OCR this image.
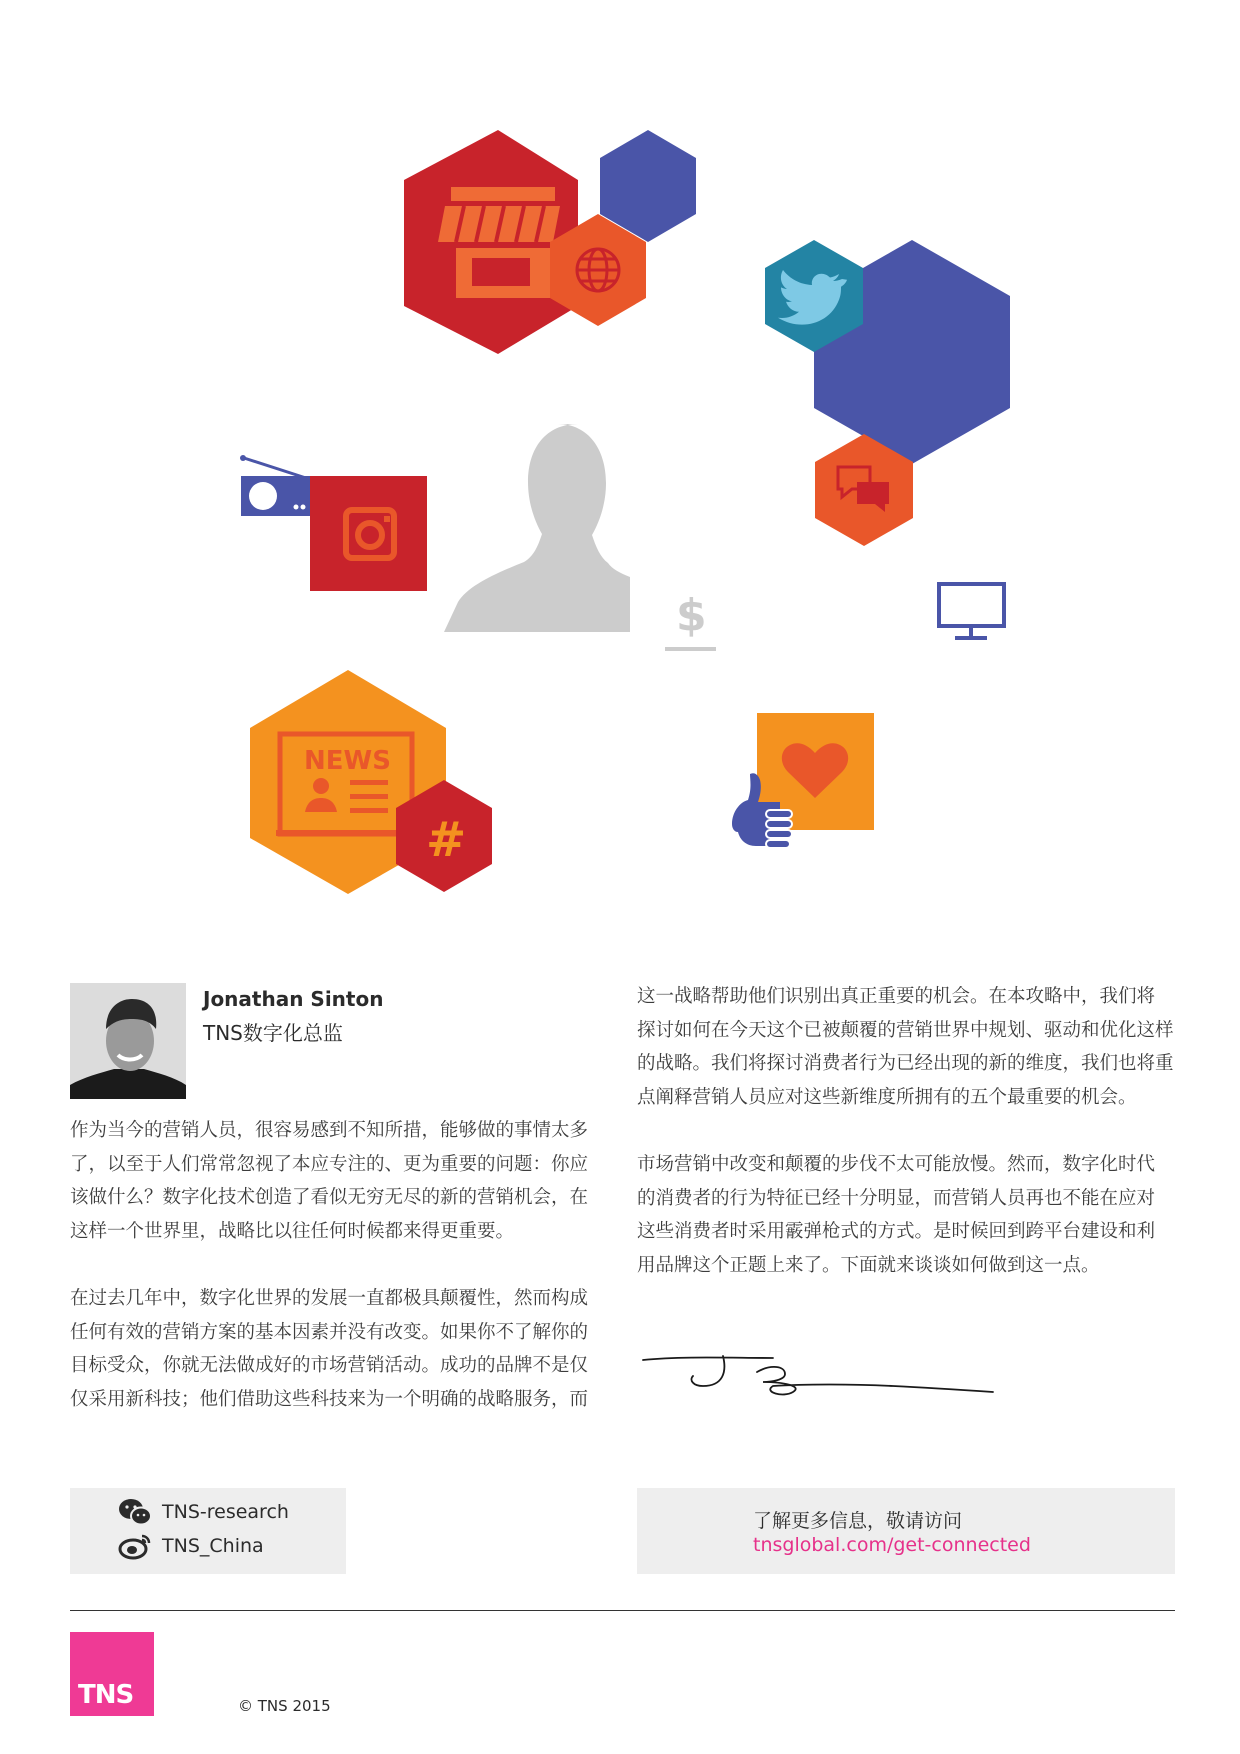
$
NEWS
#
Jonathan Sinton
TNS数字化总监

作为当今的营销人员，很容易感到不知所措，能够做的事情太多

了，以至于人们常常忽视了本应专注的、更为重要的问题：你应

该做什么？数字化技术创造了看似无穷无尽的新的营销机会，在

这样一个世界里，战略比以往任何时候都来得更重要。

在过去几年中，数字化世界的发展一直都极具颠覆性，然而构成

任何有效的营销方案的基本因素并没有改变。如果你不了解你的

目标受众，你就无法做成好的市场营销活动。成功的品牌不是仅

仅采用新科技；他们借助这些科技来为一个明确的战略服务，而

这一战略帮助他们识别出真正重要的机会。在本攻略中，我们将

探讨如何在今天这个已被颠覆的营销世界中规划、驱动和优化这样

的战略。我们将探讨消费者行为已经出现的新的维度，我们也将重

点阐释营销人员应对这些新维度所拥有的五个最重要的机会。

市场营销中改变和颠覆的步伐不太可能放慢。然而，数字化时代

的消费者的行为特征已经十分明显，而营销人员再也不能在应对

这些消费者时采用霰弹枪式的方式。是时候回到跨平台建设和利

用品牌这个正题上来了。下面就来谈谈如何做到这一点。

TNS-research
TNS_China
了解更多信息，敬请访问
tnsglobal.com/get-connected
TNS	© TNS 2015
